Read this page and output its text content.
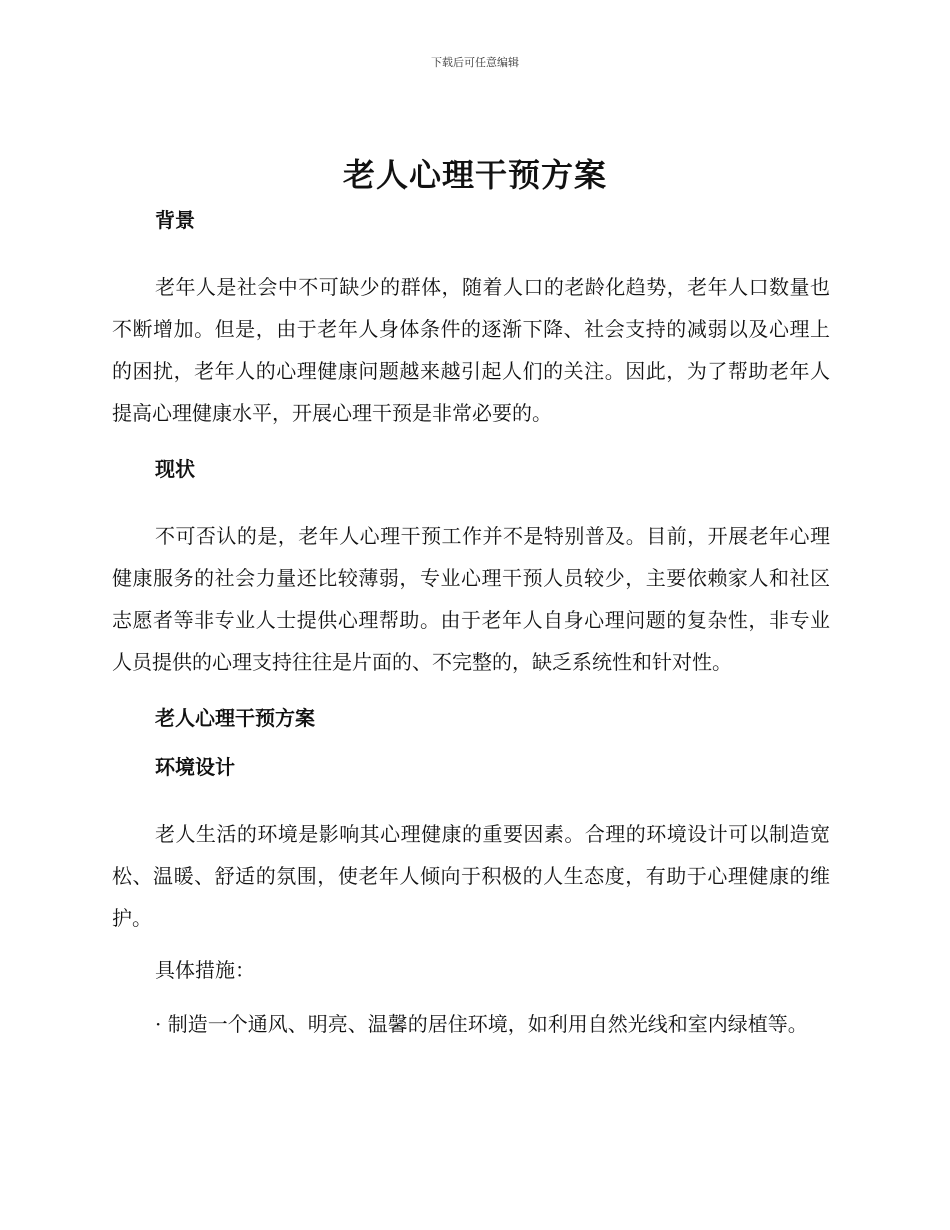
下载后可任意编辑
老人心理干预方案
背景

老年人是社会中不可缺少的群体，随着人口的老龄化趋势，老年人口数量也不断增加。但是，由于老年人身体条件的逐渐下降、社会支持的减弱以及心理上的困扰，老年人的心理健康问题越来越引起人们的关注。因此，为了帮助老年人提高心理健康水平，开展心理干预是非常必要的。

现状

不可否认的是，老年人心理干预工作并不是特别普及。目前，开展老年心理健康服务的社会力量还比较薄弱，专业心理干预人员较少，主要依赖家人和社区志愿者等非专业人士提供心理帮助。由于老年人自身心理问题的复杂性，非专业人员提供的心理支持往往是片面的、不完整的，缺乏系统性和针对性。

老人心理干预方案
环境设计

老人生活的环境是影响其心理健康的重要因素。合理的环境设计可以制造宽松、温暖、舒适的氛围，使老年人倾向于积极的人生态度，有助于心理健康的维护。

具体措施：

· 制造一个通风、明亮、温馨的居住环境，如利用自然光线和室内绿植等。
